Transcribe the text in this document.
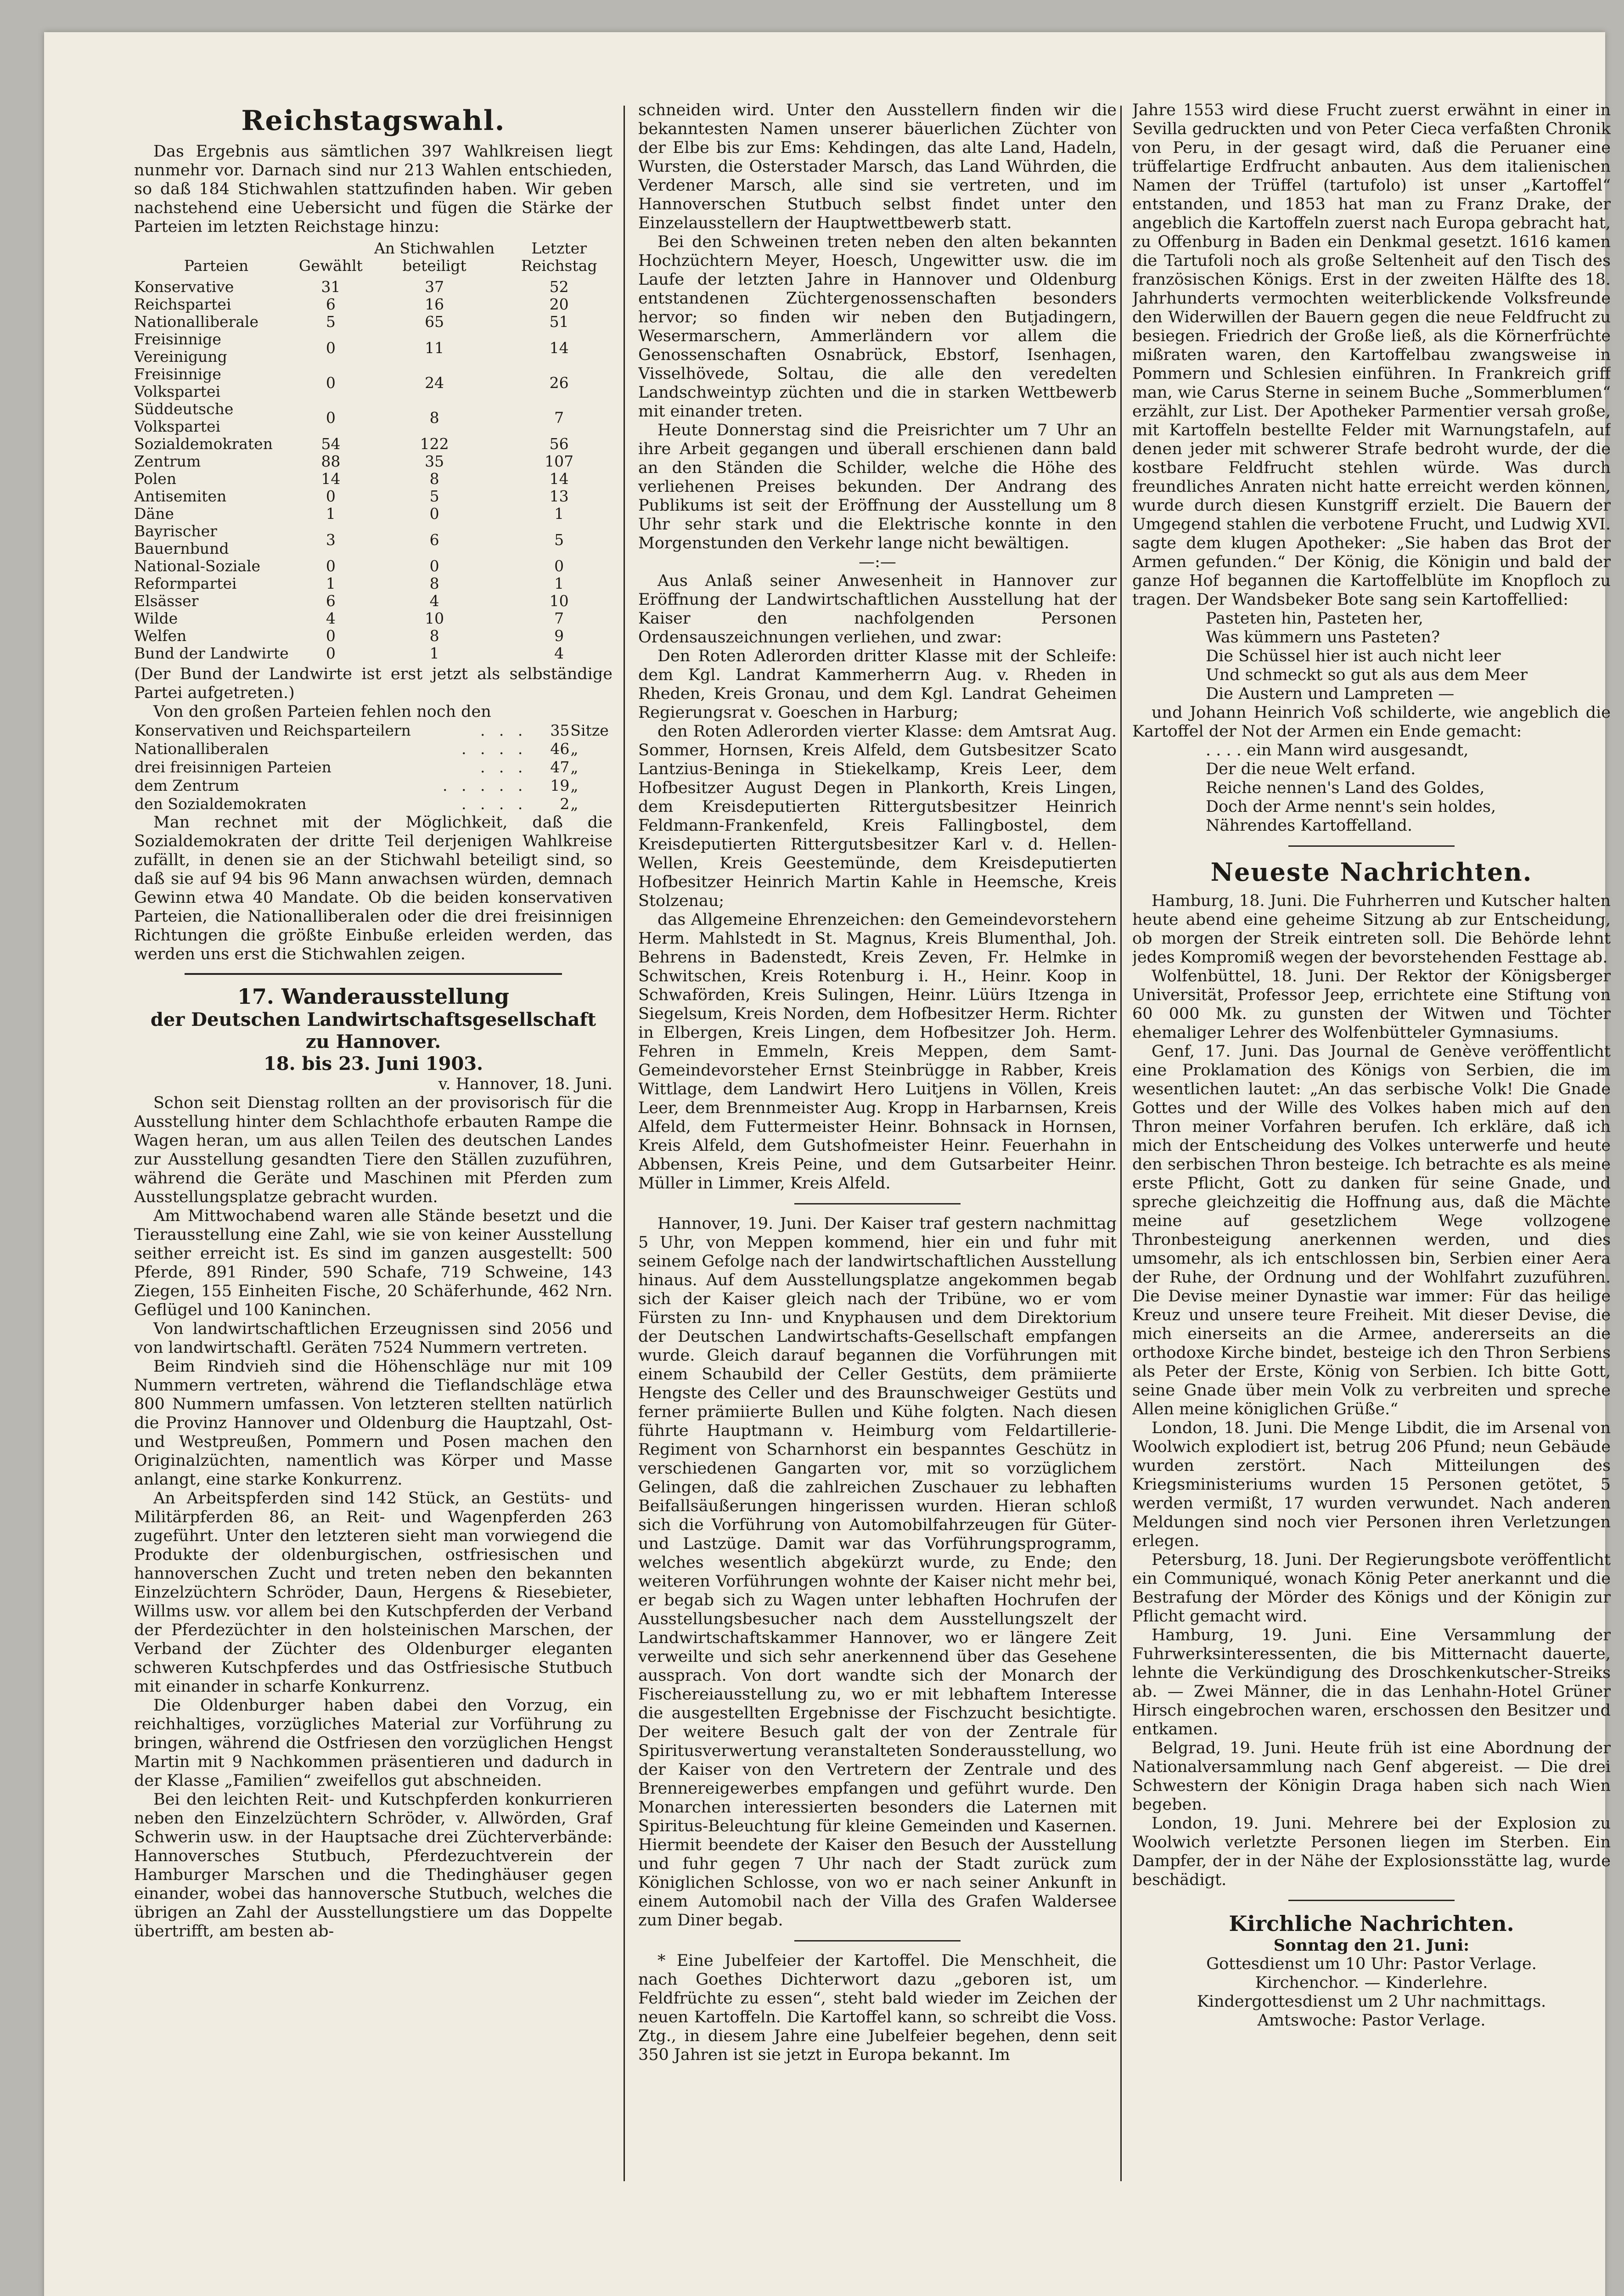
Reichstagswahl.

Das Ergebnis aus sämtlichen 397 Wahlkreisen liegt nunmehr vor. Darnach sind nur 213 Wahlen entschieden, so daß 184 Stichwahlen stattzufinden haben. Wir geben nachstehend eine Uebersicht und fügen die Stärke der Parteien im letzten Reichstage hinzu:

Parteien	Gewählt	An Stichwahlen beteiligt	Letzter Reichstag
Konservative	31	37	52
Reichspartei	6	16	20
Nationalliberale	5	65	51
Freisinnige Vereinigung	0	11	14
Freisinnige Volkspartei	0	24	26
Süddeutsche Volkspartei	0	8	7
Sozialdemokraten	54	122	56
Zentrum	88	35	107
Polen	14	8	14
Antisemiten	0	5	13
Däne	1	0	1
Bayrischer Bauernbund	3	6	5
National-Soziale	0	0	0
Reformpartei	1	8	1
Elsässer	6	4	10
Wilde	4	10	7
Welfen	0	8	9
Bund der Landwirte	0	1	4

(Der Bund der Landwirte ist erst jetzt als selbständige Partei aufgetreten.)

Von den großen Parteien fehlen noch den

Konservativen und Reichsparteilern	. . .	35	Sitze
Nationalliberalen	. . . .	46	„
drei freisinnigen Parteien	. . .	47	„
dem Zentrum	. . . . .	19	„
den Sozialdemokraten	. . . .	2	„

Man rechnet mit der Möglichkeit, daß die Sozialdemokraten der dritte Teil derjenigen Wahlkreise zufällt, in denen sie an der Stichwahl beteiligt sind, so daß sie auf 94 bis 96 Mann anwachsen würden, demnach Gewinn etwa 40 Mandate. Ob die beiden konservativen Parteien, die Nationalliberalen oder die drei freisinnigen Richtungen die größte Einbuße erleiden werden, das werden uns erst die Stichwahlen zeigen.

17. Wanderausstellung
der Deutschen Landwirtschaftsgesellschaft
zu Hannover.
18. bis 23. Juni 1903.

v. Hannover, 18. Juni.

Schon seit Dienstag rollten an der provisorisch für die Ausstellung hinter dem Schlachthofe erbauten Rampe die Wagen heran, um aus allen Teilen des deutschen Landes zur Ausstellung gesandten Tiere den Ställen zuzuführen, während die Geräte und Maschinen mit Pferden zum Ausstellungsplatze gebracht wurden.

Am Mittwochabend waren alle Stände besetzt und die Tierausstellung eine Zahl, wie sie von keiner Ausstellung seither erreicht ist. Es sind im ganzen ausgestellt: 500 Pferde, 891 Rinder, 590 Schafe, 719 Schweine, 143 Ziegen, 155 Einheiten Fische, 20 Schäferhunde, 462 Nrn. Geflügel und 100 Kaninchen.

Von landwirtschaftlichen Erzeugnissen sind 2056 und von landwirtschaftl. Geräten 7524 Nummern vertreten.

Beim Rindvieh sind die Höhenschläge nur mit 109 Nummern vertreten, während die Tieflandschläge etwa 800 Nummern umfassen. Von letzteren stellten natürlich die Provinz Hannover und Oldenburg die Hauptzahl, Ost- und Westpreußen, Pommern und Posen machen den Originalzüchten, namentlich was Körper und Masse anlangt, eine starke Konkurrenz.

An Arbeitspferden sind 142 Stück, an Gestüts- und Militärpferden 86, an Reit- und Wagenpferden 263 zugeführt. Unter den letzteren sieht man vorwiegend die Produkte der oldenburgischen, ostfriesischen und hannoverschen Zucht und treten neben den bekannten Einzelzüchtern Schröder, Daun, Hergens & Riesebieter, Willms usw. vor allem bei den Kutschpferden der Verband der Pferdezüchter in den holsteinischen Marschen, der Verband der Züchter des Oldenburger eleganten schweren Kutschpferdes und das Ostfriesische Stutbuch mit einander in scharfe Konkurrenz.

Die Oldenburger haben dabei den Vorzug, ein reichhaltiges, vorzügliches Material zur Vorführung zu bringen, während die Ostfriesen den vorzüglichen Hengst Martin mit 9 Nachkommen präsentieren und dadurch in der Klasse „Familien“ zweifellos gut abschneiden.

Bei den leichten Reit- und Kutschpferden konkurrieren neben den Einzelzüchtern Schröder, v. Allwörden, Graf Schwerin usw. in der Hauptsache drei Züchterverbände: Hannoversches Stutbuch, Pferdezuchtverein der Hamburger Marschen und die Thedinghäuser gegen einander, wobei das hannoversche Stutbuch, welches die übrigen an Zahl der Ausstellungstiere um das Doppelte übertrifft, am besten ab-

schneiden wird. Unter den Ausstellern finden wir die bekanntesten Namen unserer bäuerlichen Züchter von der Elbe bis zur Ems: Kehdingen, das alte Land, Hadeln, Wursten, die Osterstader Marsch, das Land Wührden, die Verdener Marsch, alle sind sie vertreten, und im Hannoverschen Stutbuch selbst findet unter den Einzelausstellern der Hauptwettbewerb statt.

Bei den Schweinen treten neben den alten bekannten Hochzüchtern Meyer, Hoesch, Ungewitter usw. die im Laufe der letzten Jahre in Hannover und Oldenburg entstandenen Züchtergenossenschaften besonders hervor; so finden wir neben den Butjadingern, Wesermarschern, Ammerländern vor allem die Genossenschaften Osnabrück, Ebstorf, Isenhagen, Visselhövede, Soltau, die alle den veredelten Landschweintyp züchten und die in starken Wettbewerb mit einander treten.

Heute Donnerstag sind die Preisrichter um 7 Uhr an ihre Arbeit gegangen und überall erschienen dann bald an den Ständen die Schilder, welche die Höhe des verliehenen Preises bekunden. Der Andrang des Publikums ist seit der Eröffnung der Ausstellung um 8 Uhr sehr stark und die Elektrische konnte in den Morgenstunden den Verkehr lange nicht bewältigen.

—:—

Aus Anlaß seiner Anwesenheit in Hannover zur Eröffnung der Landwirtschaftlichen Ausstellung hat der Kaiser den nachfolgenden Personen Ordensauszeichnungen verliehen, und zwar:

Den Roten Adlerorden dritter Klasse mit der Schleife: dem Kgl. Landrat Kammerherrn Aug. v. Rheden in Rheden, Kreis Gronau, und dem Kgl. Landrat Geheimen Regierungsrat v. Goeschen in Harburg;

den Roten Adlerorden vierter Klasse: dem Amtsrat Aug. Sommer, Hornsen, Kreis Alfeld, dem Gutsbesitzer Scato Lantzius-Beninga in Stiekelkamp, Kreis Leer, dem Hofbesitzer August Degen in Plankorth, Kreis Lingen, dem Kreisdeputierten Rittergutsbesitzer Heinrich Feldmann-Frankenfeld, Kreis Fallingbostel, dem Kreisdeputierten Rittergutsbesitzer Karl v. d. Hellen-Wellen, Kreis Geestemünde, dem Kreisdeputierten Hofbesitzer Heinrich Martin Kahle in Heemsche, Kreis Stolzenau;

das Allgemeine Ehrenzeichen: den Gemeindevorstehern Herm. Mahlstedt in St. Magnus, Kreis Blumenthal, Joh. Behrens in Badenstedt, Kreis Zeven, Fr. Helmke in Schwitschen, Kreis Rotenburg i. H., Heinr. Koop in Schwaförden, Kreis Sulingen, Heinr. Lüürs Itzenga in Siegelsum, Kreis Norden, dem Hofbesitzer Herm. Richter in Elbergen, Kreis Lingen, dem Hofbesitzer Joh. Herm. Fehren in Emmeln, Kreis Meppen, dem Samt-Gemeindevorsteher Ernst Steinbrügge in Rabber, Kreis Wittlage, dem Landwirt Hero Luitjens in Völlen, Kreis Leer, dem Brennmeister Aug. Kropp in Harbarnsen, Kreis Alfeld, dem Futtermeister Heinr. Bohnsack in Hornsen, Kreis Alfeld, dem Gutshofmeister Heinr. Feuerhahn in Abbensen, Kreis Peine, und dem Gutsarbeiter Heinr. Müller in Limmer, Kreis Alfeld.

Hannover, 19. Juni. Der Kaiser traf gestern nachmittag 5 Uhr, von Meppen kommend, hier ein und fuhr mit seinem Gefolge nach der landwirtschaftlichen Ausstellung hinaus. Auf dem Ausstellungsplatze angekommen begab sich der Kaiser gleich nach der Tribüne, wo er vom Fürsten zu Inn- und Knyphausen und dem Direktorium der Deutschen Landwirtschafts-Gesellschaft empfangen wurde. Gleich darauf begannen die Vorführungen mit einem Schaubild der Celler Gestüts, dem prämiierte Hengste des Celler und des Braunschweiger Gestüts und ferner prämiierte Bullen und Kühe folgten. Nach diesen führte Hauptmann v. Heimburg vom Feldartillerie-Regiment von Scharnhorst ein bespanntes Geschütz in verschiedenen Gangarten vor, mit so vorzüglichem Gelingen, daß die zahlreichen Zuschauer zu lebhaften Beifallsäußerungen hingerissen wurden. Hieran schloß sich die Vorführung von Automobilfahrzeugen für Güter- und Lastzüge. Damit war das Vorführungsprogramm, welches wesentlich abgekürzt wurde, zu Ende; den weiteren Vorführungen wohnte der Kaiser nicht mehr bei, er begab sich zu Wagen unter lebhaften Hochrufen der Ausstellungsbesucher nach dem Ausstellungszelt der Landwirtschaftskammer Hannover, wo er längere Zeit verweilte und sich sehr anerkennend über das Gesehene aussprach. Von dort wandte sich der Monarch der Fischereiausstellung zu, wo er mit lebhaftem Interesse die ausgestellten Ergebnisse der Fischzucht besichtigte. Der weitere Besuch galt der von der Zentrale für Spiritusverwertung veranstalteten Sonderausstellung, wo der Kaiser von den Vertretern der Zentrale und des Brennereigewerbes empfangen und geführt wurde. Den Monarchen interessierten besonders die Laternen mit Spiritus-Beleuchtung für kleine Gemeinden und Kasernen. Hiermit beendete der Kaiser den Besuch der Ausstellung und fuhr gegen 7 Uhr nach der Stadt zurück zum Königlichen Schlosse, von wo er nach seiner Ankunft in einem Automobil nach der Villa des Grafen Waldersee zum Diner begab.

* Eine Jubelfeier der Kartoffel. Die Menschheit, die nach Goethes Dichterwort dazu „geboren ist, um Feldfrüchte zu essen“, steht bald wieder im Zeichen der neuen Kartoffeln. Die Kartoffel kann, so schreibt die Voss. Ztg., in diesem Jahre eine Jubelfeier begehen, denn seit 350 Jahren ist sie jetzt in Europa bekannt. Im

Jahre 1553 wird diese Frucht zuerst erwähnt in einer in Sevilla gedruckten und von Peter Cieca verfaßten Chronik von Peru, in der gesagt wird, daß die Peruaner eine trüffelartige Erdfrucht anbauten. Aus dem italienischen Namen der Trüffel (tartufolo) ist unser „Kartoffel“ entstanden, und 1853 hat man zu Franz Drake, der angeblich die Kartoffeln zuerst nach Europa gebracht hat, zu Offenburg in Baden ein Denkmal gesetzt. 1616 kamen die Tartufoli noch als große Seltenheit auf den Tisch des französischen Königs. Erst in der zweiten Hälfte des 18. Jahrhunderts vermochten weiterblickende Volksfreunde den Widerwillen der Bauern gegen die neue Feldfrucht zu besiegen. Friedrich der Große ließ, als die Körnerfrüchte mißraten waren, den Kartoffelbau zwangsweise in Pommern und Schlesien einführen. In Frankreich griff man, wie Carus Sterne in seinem Buche „Sommerblumen“ erzählt, zur List. Der Apotheker Parmentier versah große, mit Kartoffeln bestellte Felder mit Warnungstafeln, auf denen jeder mit schwerer Strafe bedroht wurde, der die kostbare Feldfrucht stehlen würde. Was durch freundliches Anraten nicht hatte erreicht werden können, wurde durch diesen Kunstgriff erzielt. Die Bauern der Umgegend stahlen die verbotene Frucht, und Ludwig XVI. sagte dem klugen Apotheker: „Sie haben das Brot der Armen gefunden.“ Der König, die Königin und bald der ganze Hof begannen die Kartoffelblüte im Knopfloch zu tragen. Der Wandsbeker Bote sang sein Kartoffellied:

Pasteten hin, Pasteten her,

Was kümmern uns Pasteten?

Die Schüssel hier ist auch nicht leer

Und schmeckt so gut als aus dem Meer

Die Austern und Lampreten —

und Johann Heinrich Voß schilderte, wie angeblich die Kartoffel der Not der Armen ein Ende gemacht:

. . . . ein Mann wird ausgesandt,

Der die neue Welt erfand.

Reiche nennen's Land des Goldes,

Doch der Arme nennt's sein holdes,

Nährendes Kartoffelland.

Neueste Nachrichten.

Hamburg, 18. Juni. Die Fuhrherren und Kutscher halten heute abend eine geheime Sitzung ab zur Entscheidung, ob morgen der Streik eintreten soll. Die Behörde lehnt jedes Kompromiß wegen der bevorstehenden Festtage ab.

Wolfenbüttel, 18. Juni. Der Rektor der Königsberger Universität, Professor Jeep, errichtete eine Stiftung von 60 000 Mk. zu gunsten der Witwen und Töchter ehemaliger Lehrer des Wolfenbütteler Gymnasiums.

Genf, 17. Juni. Das Journal de Genève veröffentlicht eine Proklamation des Königs von Serbien, die im wesentlichen lautet: „An das serbische Volk! Die Gnade Gottes und der Wille des Volkes haben mich auf den Thron meiner Vorfahren berufen. Ich erkläre, daß ich mich der Entscheidung des Volkes unterwerfe und heute den serbischen Thron besteige. Ich betrachte es als meine erste Pflicht, Gott zu danken für seine Gnade, und spreche gleichzeitig die Hoffnung aus, daß die Mächte meine auf gesetzlichem Wege vollzogene Thronbesteigung anerkennen werden, und dies umsomehr, als ich entschlossen bin, Serbien einer Aera der Ruhe, der Ordnung und der Wohlfahrt zuzuführen. Die Devise meiner Dynastie war immer: Für das heilige Kreuz und unsere teure Freiheit. Mit dieser Devise, die mich einerseits an die Armee, andererseits an die orthodoxe Kirche bindet, besteige ich den Thron Serbiens als Peter der Erste, König von Serbien. Ich bitte Gott, seine Gnade über mein Volk zu verbreiten und spreche Allen meine königlichen Grüße.“

London, 18. Juni. Die Menge Libdit, die im Arsenal von Woolwich explodiert ist, betrug 206 Pfund; neun Gebäude wurden zerstört. Nach Mitteilungen des Kriegsministeriums wurden 15 Personen getötet, 5 werden vermißt, 17 wurden verwundet. Nach anderen Meldungen sind noch vier Personen ihren Verletzungen erlegen.

Petersburg, 18. Juni. Der Regierungsbote veröffentlicht ein Communiqué, wonach König Peter anerkannt und die Bestrafung der Mörder des Königs und der Königin zur Pflicht gemacht wird.

Hamburg, 19. Juni. Eine Versammlung der Fuhrwerksinteressenten, die bis Mitternacht dauerte, lehnte die Verkündigung des Droschkenkutscher-Streiks ab. — Zwei Männer, die in das Lenhahn-Hotel Grüner Hirsch eingebrochen waren, erschossen den Besitzer und entkamen.

Belgrad, 19. Juni. Heute früh ist eine Abordnung der Nationalversammlung nach Genf abgereist. — Die drei Schwestern der Königin Draga haben sich nach Wien begeben.

London, 19. Juni. Mehrere bei der Explosion zu Woolwich verletzte Personen liegen im Sterben. Ein Dampfer, der in der Nähe der Explosionsstätte lag, wurde beschädigt.

Kirchliche Nachrichten.

Sonntag den 21. Juni:

Gottesdienst um 10 Uhr: Pastor Verlage.

Kirchenchor. — Kinderlehre.

Kindergottesdienst um 2 Uhr nachmittags.

Amtswoche: Pastor Verlage.
